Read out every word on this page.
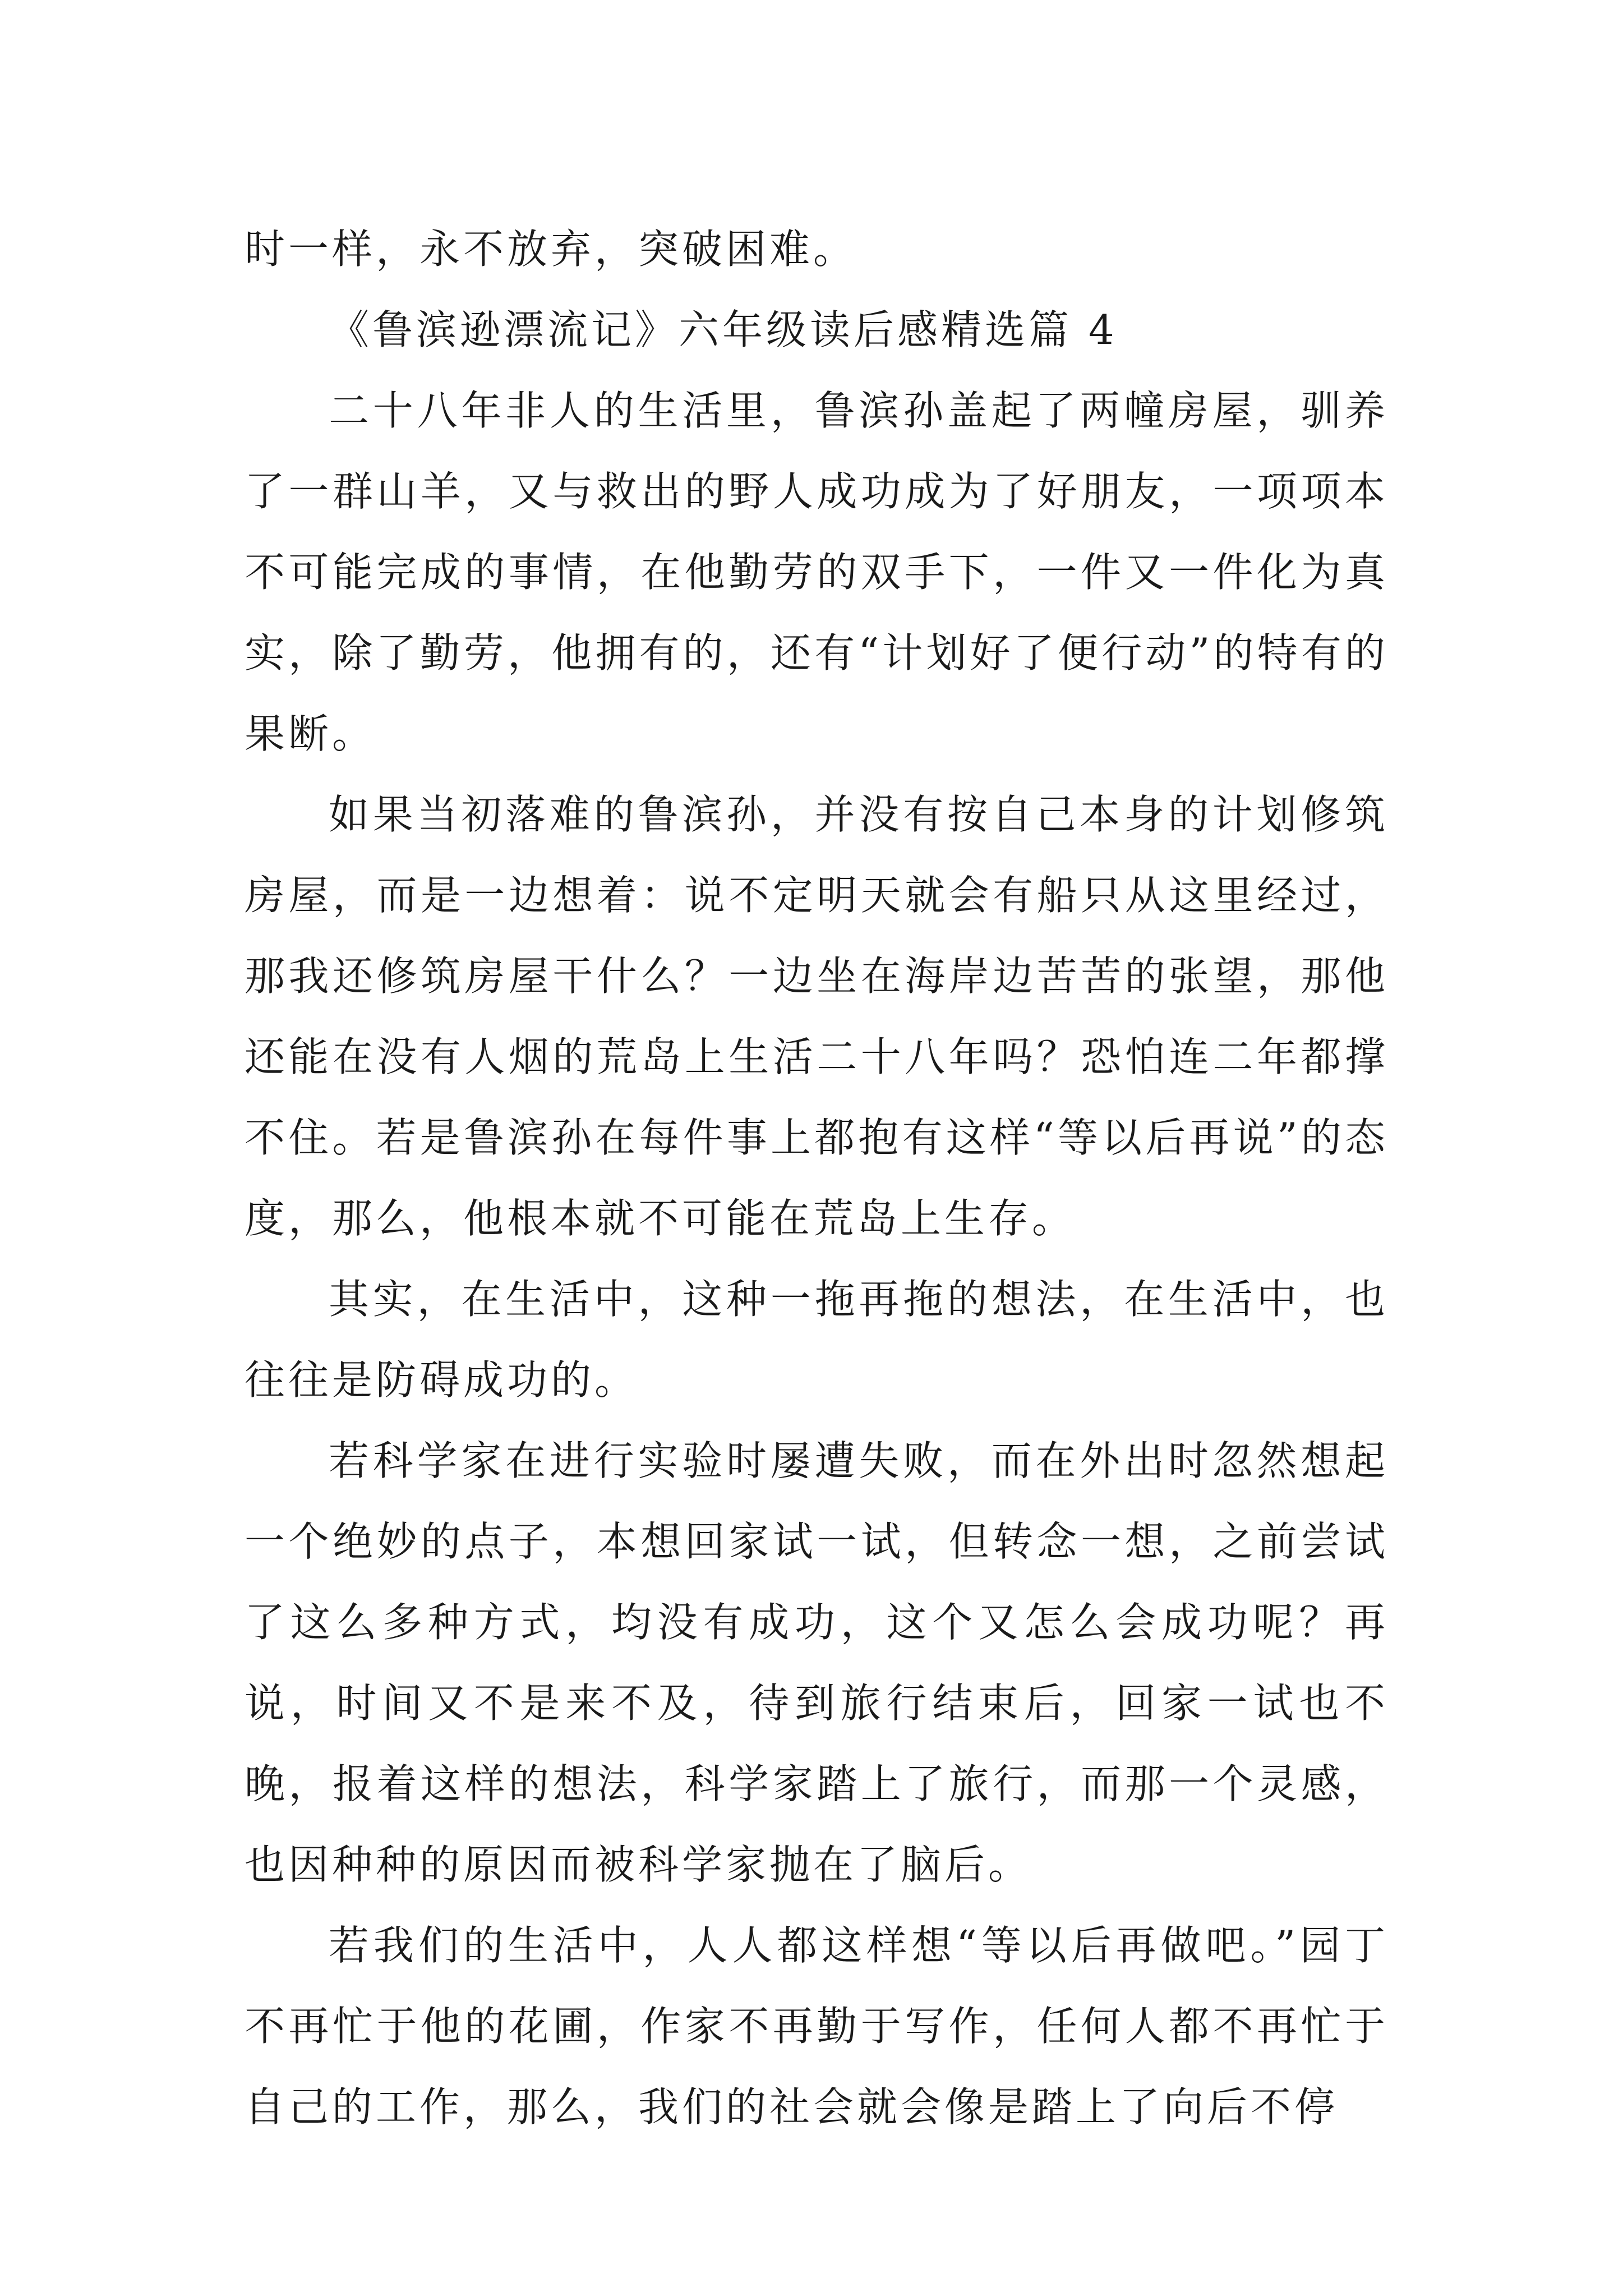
时一样，永不放弃，突破困难。
《鲁滨逊漂流记》六年级读后感精选篇 4

二十八年非人的生活里，鲁滨孙盖起了两幢房屋，驯养了一群山羊，又与救出的野人成功成为了好朋友，一项项本不可能完成的事情，在他勤劳的双手下，一件又一件化为真实，除了勤劳，他拥有的，还有“计划好了便行动”的特有的果断。

如果当初落难的鲁滨孙，并没有按自己本身的计划修筑房屋，而是一边想着：说不定明天就会有船只从这里经过，那我还修筑房屋干什么？一边坐在海岸边苦苦的张望，那他还能在没有人烟的荒岛上生活二十八年吗？恐怕连二年都撑不住。若是鲁滨孙在每件事上都抱有这样“等以后再说”的态度，那么，他根本就不可能在荒岛上生存。

其实，在生活中，这种一拖再拖的想法，在生活中，也往往是防碍成功的。

若科学家在进行实验时屡遭失败，而在外出时忽然想起一个绝妙的点子，本想回家试一试，但转念一想，之前尝试了这么多种方式，均没有成功，这个又怎么会成功呢？再说，时间又不是来不及，待到旅行结束后，回家一试也不晚，报着这样的想法，科学家踏上了旅行，而那一个灵感，也因种种的原因而被科学家抛在了脑后。

若我们的生活中，人人都这样想“等以后再做吧。”园丁不再忙于他的花圃，作家不再勤于写作，任何人都不再忙于自己的工作，那么，我们的社会就会像是踏上了向后不停
